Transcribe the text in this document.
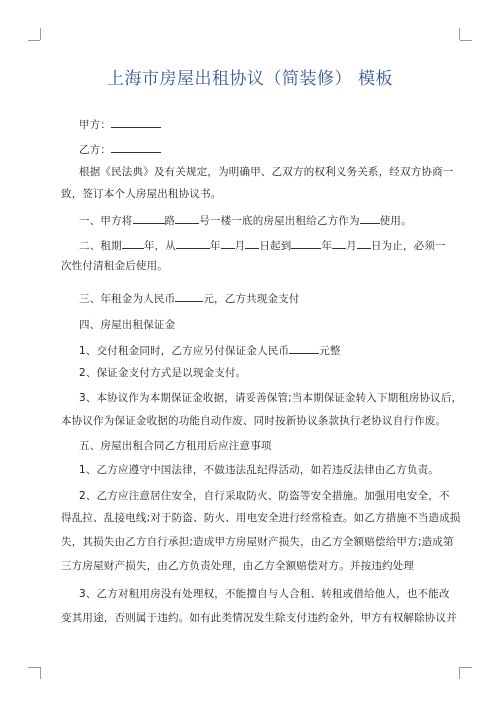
上海市房屋出租协议（简装修） 模板
甲方：
乙方：
根据《民法典》及有关规定，为明确甲、乙双方的权利义务关系，经双方协商一
致，签订本个人房屋出租协议书。
一、甲方将	路 号一楼一底的房屋出租给乙方作为 使用。
二、租期 年，从	年 月 日起到	年 月 日为止，必须一
次性付清租金后使用。
三、年租金为人民币	元，乙方共现金支付
四、房屋出租保证金
1、交付租金同时，乙方应另付保证金人民币	元整
2、保证金支付方式是以现金支付。
3、本协议作为本期保证金收据，请妥善保管;当本期保证金转入下期租房协议后，
本协议作为保证金收据的功能自动作废、同时按新协议条款执行老协议自行作废。
五、房屋出租合同乙方租用后应注意事项
1、乙方应遵守中国法律，不做违法乱纪得活动，如若违反法律由乙方负责。
2、乙方应注意居住安全，自行采取防火、防盗等安全措施。加强用电安全，不
得乱拉、乱接电线;对于防盗、防火、用电安全进行经常检查。如乙方措施不当造成损
失，其损失由乙方自行承担;造成甲方房屋财产损失，由乙方全额赔偿给甲方;造成第
三方房屋财产损失，由乙方负责处理，由乙方全额赔偿对方。并按违约处理
3、乙方对租用房没有处理权，不能擅自与人合租、转租或借给他人，也不能改
变其用途，否则属于违约。如有此类情况发生除支付违约金外，甲方有权解除协议并
